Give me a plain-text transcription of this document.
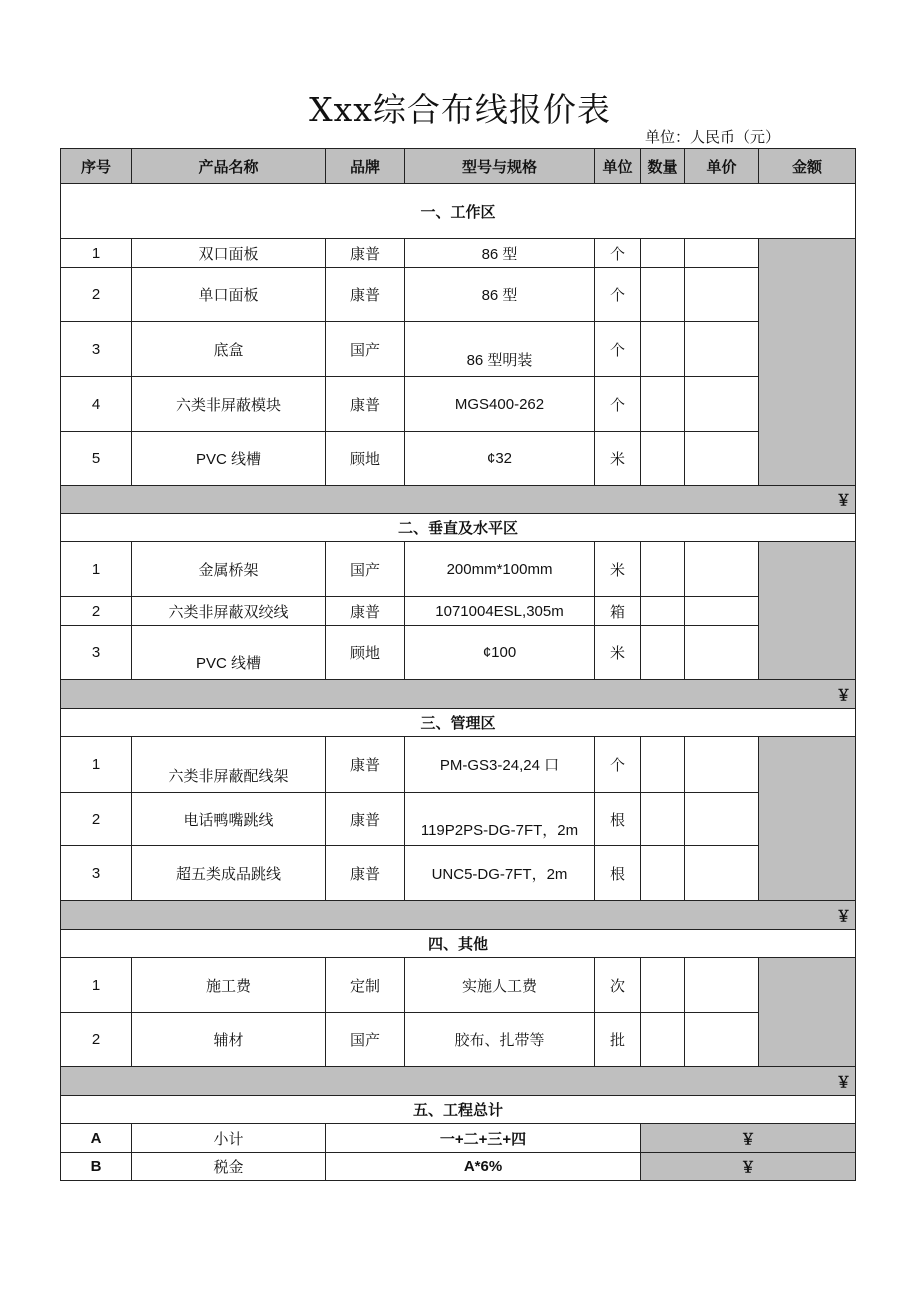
Xxx综合布线报价表
单位：人民币（元）
序号	产品名称	品牌	型号与规格	单位	数量	单价	金额
一、工作区							
1	双口面板	康普	86 型	个			
2	单口面板	康普	86 型	个			
3	底盒	国产	86 型明装	个			
4	六类非屏蔽模块	康普	MGS400-262	个			
5	PVC 线槽	顾地	¢32	米			
￥							
二、垂直及水平区							
1	金属桥架	国产	200mm*100mm	米			
2	六类非屏蔽双绞线	康普	1071004ESL,305m	箱			
3	PVC 线槽	顾地	¢100	米			
￥							
三、管理区							
1	六类非屏蔽配线架	康普	PM-GS3-24,24 口	个			
2	电话鸭嘴跳线	康普	119P2PS-DG-7FT，2m	根			
3	超五类成品跳线	康普	UNC5-DG-7FT，2m	根			
￥							
四、其他							
1	施工费	定制	实施人工费	次			
2	辅材	国产	胶布、扎带等	批			
￥							
五、工程总计							
A	小计	一+二+三+四			￥		
B	税金	A*6%			￥		
